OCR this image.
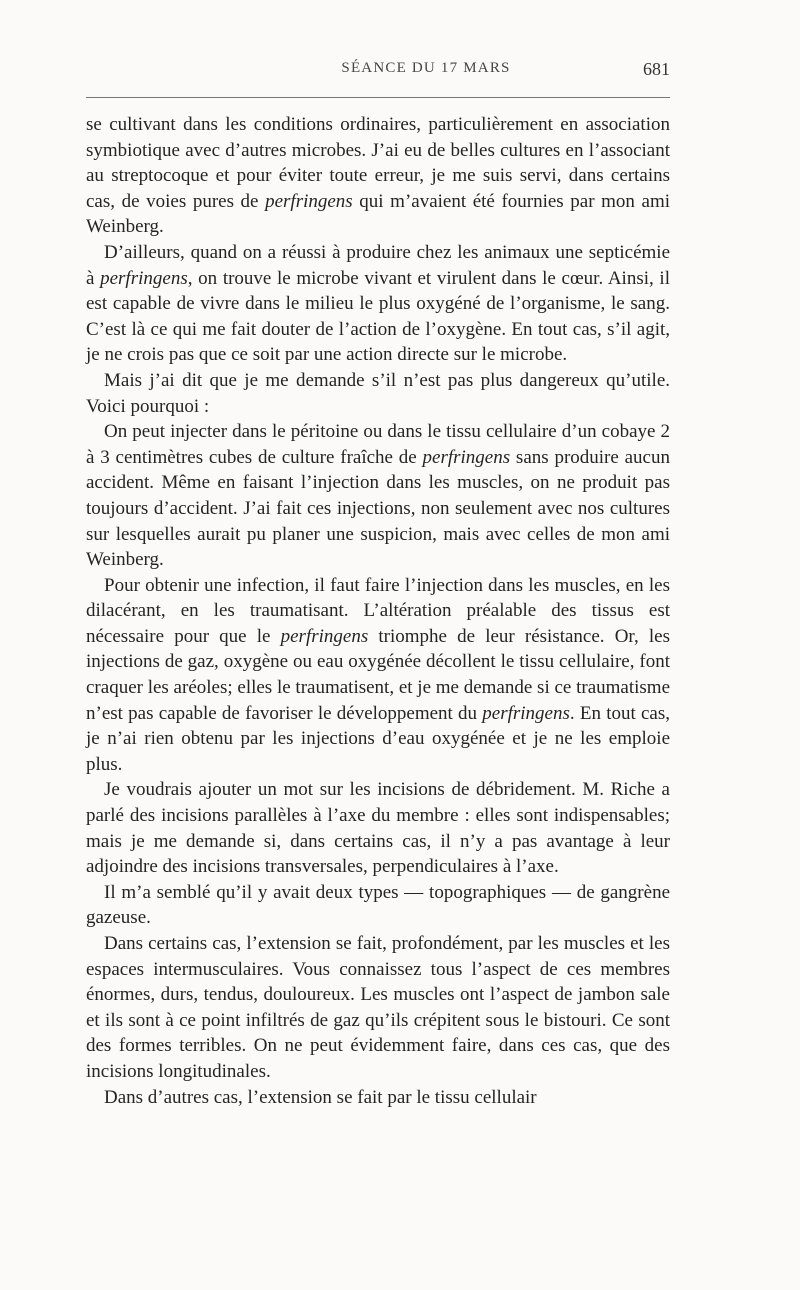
SÉANCE DU 17 MARS	681

se cultivant dans les conditions ordinaires, particulièrement en association symbiotique avec d’autres microbes. J’ai eu de belles cultures en l’associant au streptocoque et pour éviter toute erreur, je me suis servi, dans certains cas, de voies pures de perfringens qui m’avaient été fournies par mon ami Weinberg.

D’ailleurs, quand on a réussi à produire chez les animaux une septicémie à perfringens, on trouve le microbe vivant et virulent dans le cœur. Ainsi, il est capable de vivre dans le milieu le plus oxygéné de l’organisme, le sang. C’est là ce qui me fait douter de l’action de l’oxygène. En tout cas, s’il agit, je ne crois pas que ce soit par une action directe sur le microbe.

Mais j’ai dit que je me demande s’il n’est pas plus dangereux qu’utile. Voici pourquoi :

On peut injecter dans le péritoine ou dans le tissu cellulaire d’un cobaye 2 à 3 centimètres cubes de culture fraîche de perfringens sans produire aucun accident. Même en faisant l’injection dans les muscles, on ne produit pas toujours d’accident. J’ai fait ces injections, non seulement avec nos cultures sur lesquelles aurait pu planer une suspicion, mais avec celles de mon ami Weinberg.

Pour obtenir une infection, il faut faire l’injection dans les muscles, en les dilacérant, en les traumatisant. L’altération préalable des tissus est nécessaire pour que le perfringens triomphe de leur résistance. Or, les injections de gaz, oxygène ou eau oxygénée décollent le tissu cellulaire, font craquer les aréoles; elles le traumatisent, et je me demande si ce traumatisme n’est pas capable de favoriser le développement du perfringens. En tout cas, je n’ai rien obtenu par les injections d’eau oxygénée et je ne les emploie plus.

Je voudrais ajouter un mot sur les incisions de débridement. M. Riche a parlé des incisions parallèles à l’axe du membre : elles sont indispensables; mais je me demande si, dans certains cas, il n’y a pas avantage à leur adjoindre des incisions transversales, perpendiculaires à l’axe.

Il m’a semblé qu’il y avait deux types — topographiques — de gangrène gazeuse.

Dans certains cas, l’extension se fait, profondément, par les muscles et les espaces intermusculaires. Vous connaissez tous l’aspect de ces membres énormes, durs, tendus, douloureux. Les muscles ont l’aspect de jambon sale et ils sont à ce point infiltrés de gaz qu’ils crépitent sous le bistouri. Ce sont des formes terribles. On ne peut évidemment faire, dans ces cas, que des incisions longitudinales.

Dans d’autres cas, l’extension se fait par le tissu cellulair
